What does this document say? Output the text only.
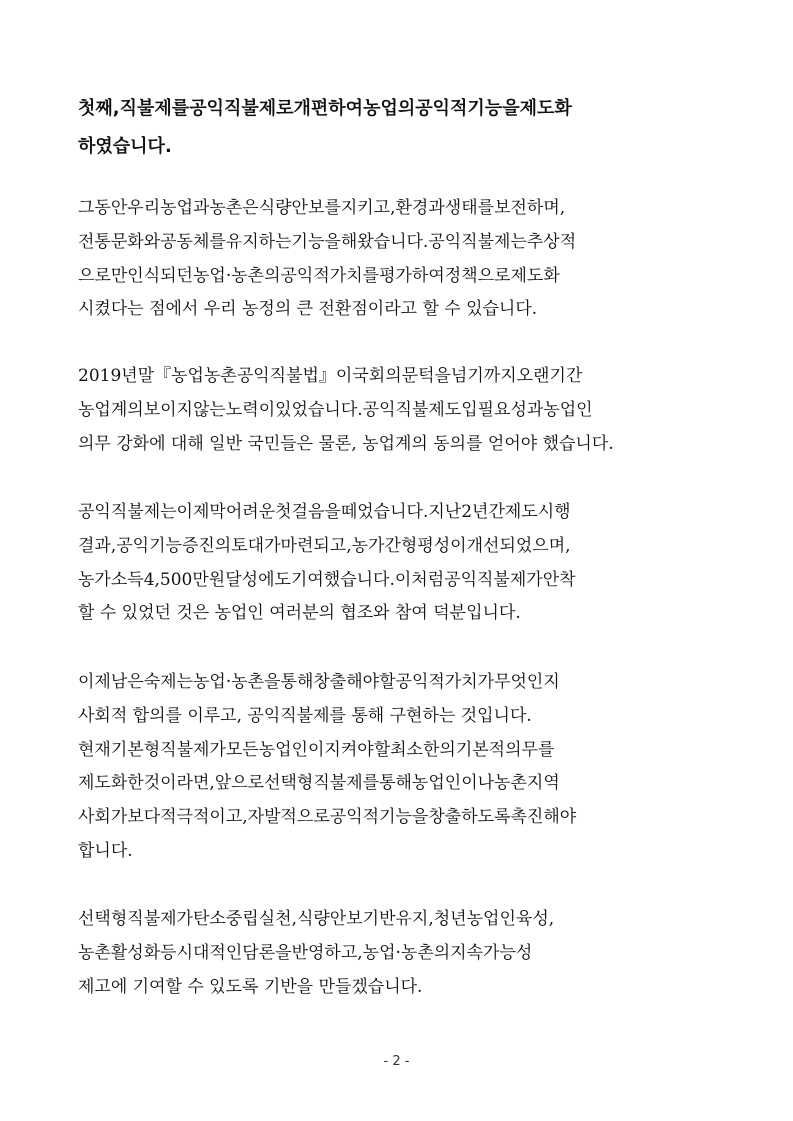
첫째,직불제를공익직불제로개편하여농업의공익적기능을제도화
하였습니다.
그동안우리농업과농촌은식량안보를지키고,환경과생태를보전하며,
전통문화와공동체를유지하는기능을해왔습니다.공익직불제는추상적
으로만인식되던농업·농촌의공익적가치를평가하여정책으로제도화
시켰다는 점에서 우리 농정의 큰 전환점이라고 할 수 있습니다.
2019년말『농업농촌공익직불법』이국회의문턱을넘기까지오랜기간
농업계의보이지않는노력이있었습니다.공익직불제도입필요성과농업인
의무 강화에 대해 일반 국민들은 물론, 농업계의 동의를 얻어야 했습니다.
공익직불제는이제막어려운첫걸음을떼었습니다.지난2년간제도시행
결과,공익기능증진의토대가마련되고,농가간형평성이개선되었으며,
농가소득4,500만원달성에도기여했습니다.이처럼공익직불제가안착
할 수 있었던 것은 농업인 여러분의 협조와 참여 덕분입니다.
이제남은숙제는농업·농촌을통해창출해야할공익적가치가무엇인지
사회적 합의를 이루고, 공익직불제를 통해 구현하는 것입니다.
현재기본형직불제가모든농업인이지켜야할최소한의기본적의무를
제도화한것이라면,앞으로선택형직불제를통해농업인이나농촌지역
사회가보다적극적이고,자발적으로공익적기능을창출하도록촉진해야
합니다.
선택형직불제가탄소중립실천,식량안보기반유지,청년농업인육성,
농촌활성화등시대적인담론을반영하고,농업·농촌의지속가능성
제고에 기여할 수 있도록 기반을 만들겠습니다.
- 2 -
